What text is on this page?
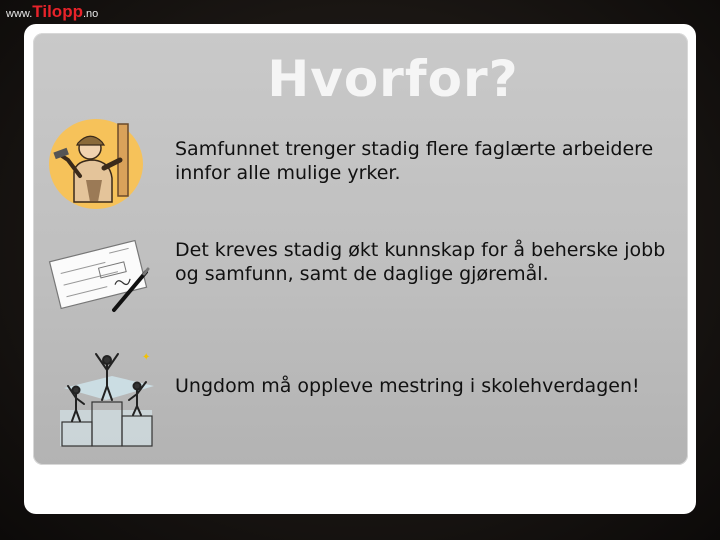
www.Tilopp.no
Hvorfor?
✦
Samfunnet trenger stadig flere faglærte arbeidere innfor alle mulige yrker.
Det kreves stadig økt kunnskap for å beherske jobb og samfunn, samt de daglige gjøremål.
Ungdom må oppleve mestring i skolehverdagen!
